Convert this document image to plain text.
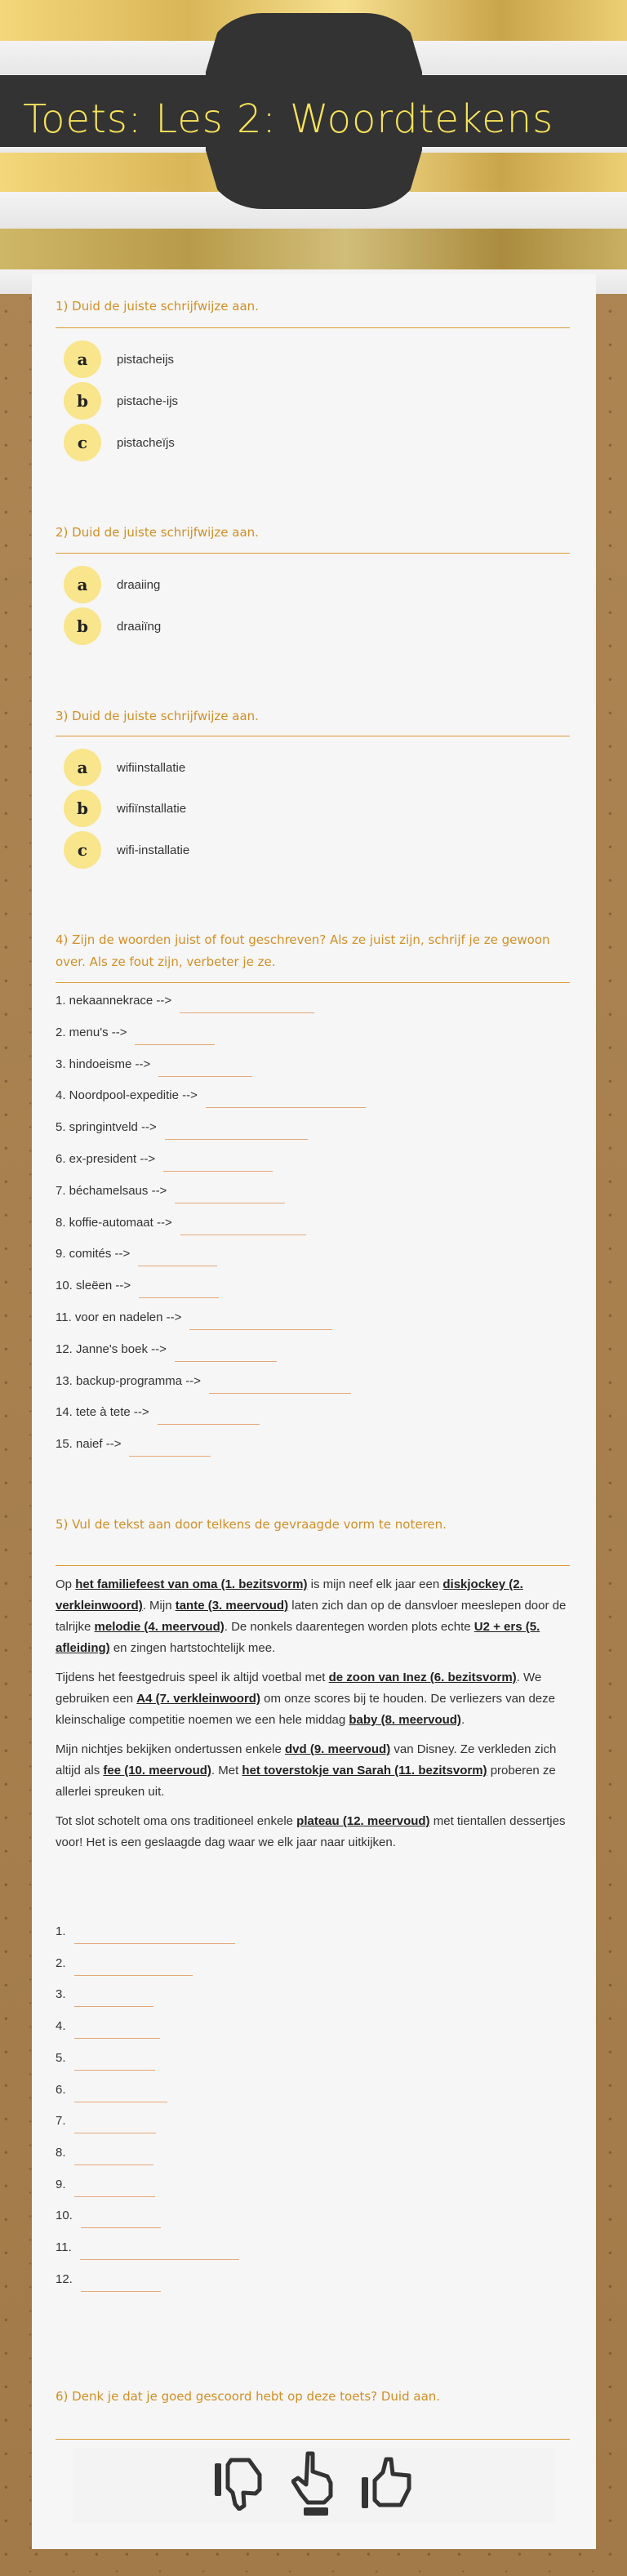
Toets: Les 2: Woordtekens
1) Duid de juiste schrijfwijze aan.
a	pistacheijs
b	pistache-ijs
c	pistacheïjs
2) Duid de juiste schrijfwijze aan.
a	draaiing
b	draaiïng
3) Duid de juiste schrijfwijze aan.
a	wifiinstallatie
b	wifiïnstallatie
c	wifi-installatie
4) Zijn de woorden juist of fout geschreven? Als ze juist zijn, schrijf je ze gewoon over. Als ze fout zijn, verbeter je ze.
1. nekaannekrace -->
2. menu's -->
3. hindoeisme -->
4. Noordpool-expeditie -->
5. springintveld -->
6. ex-president -->
7. béchamelsaus -->
8. koffie-automaat -->
9. comités -->
10. sleëen -->
11. voor en nadelen -->
12. Janne's boek -->
13. backup-programma -->
14. tete à tete -->
15. naief -->
5) Vul de tekst aan door telkens de gevraagde vorm te noteren.

Op het familiefeest van oma (1. bezitsvorm) is mijn neef elk jaar een diskjockey (2. verkleinwoord). Mijn tante (3. meervoud) laten zich dan op de dansvloer meeslepen door de talrijke melodie (4. meervoud). De nonkels daarentegen worden plots echte U2 + ers (5. afleiding) en zingen hartstochtelijk mee.

Tijdens het feestgedruis speel ik altijd voetbal met de zoon van Inez (6. bezitsvorm). We gebruiken een A4 (7. verkleinwoord) om onze scores bij te houden. De verliezers van deze kleinschalige competitie noemen we een hele middag baby (8. meervoud).

Mijn nichtjes bekijken ondertussen enkele dvd (9. meervoud) van Disney. Ze verkleden zich altijd als fee (10. meervoud). Met het toverstokje van Sarah (11. bezitsvorm) proberen ze allerlei spreuken uit.

Tot slot schotelt oma ons traditioneel enkele plateau (12. meervoud) met tientallen dessertjes voor! Het is een geslaagde dag waar we elk jaar naar uitkijken.

1.
2.
3.
4.
5.
6.
7.
8.
9.
10.
11.
12.
6) Denk je dat je goed gescoord hebt op deze toets? Duid aan.
